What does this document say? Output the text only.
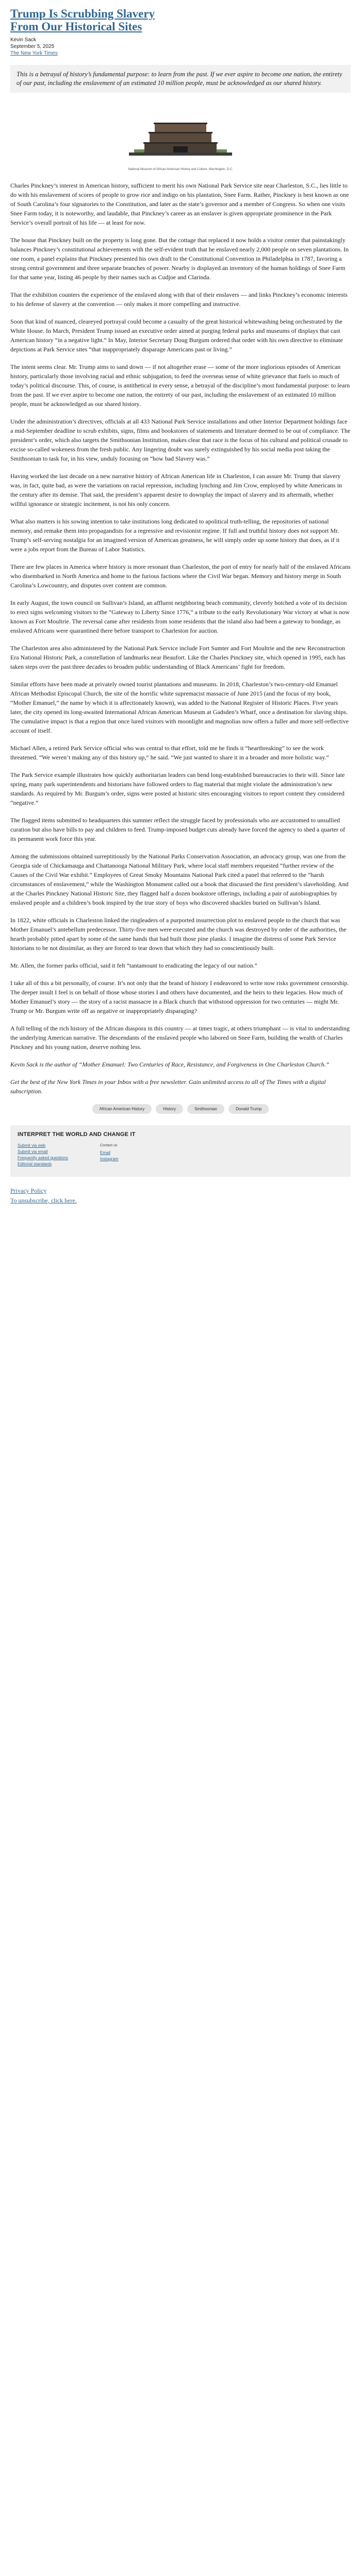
Trump Is Scrubbing Slavery From Our Historical Sites
Kevin Sack
September 5, 2025
The New York Times
This is a betrayal of history’s fundamental purpose: to learn from the past. If we ever aspire to become one nation, the entirety of our past, including the enslavement of an estimated 10 million people, must be acknowledged as our shared history.
National Museum of African American History and Culture, Washington, D.C.

Charles Pinckney’s interest in American history, sufficient to merit his own National Park Service site near Charleston, S.C., lies little to do with his enslavement of scores of people to grow rice and indigo on his plantation, Snee Farm. Rather, Pinckney is best known as one of South Carolina’s four signatories to the Constitution, and later as the state’s governor and a member of Congress. So when one visits Snee Farm today, it is noteworthy, and laudable, that Pinckney’s career as an enslaver is given appropriate prominence in the Park Service’s overall portrait of his life — at least for now.

The house that Pinckney built on the property is long gone. But the cottage that replaced it now holds a visitor center that painstakingly balances Pinckney’s constitutional achievements with the self-evident truth that he enslaved nearly 2,000 people on seven plantations. In one room, a panel explains that Pinckney presented his own draft to the Constitutional Convention in Philadelphia in 1787, favoring a strong central government and three separate branches of power. Nearby is displayed an inventory of the human holdings of Snee Farm for that same year, listing 46 people by their names such as Cudjoe and Clarinda.

That the exhibition counters the experience of the enslaved along with that of their enslavers — and links Pinckney’s economic interests to his defense of slavery at the convention — only makes it more compelling and instructive.

Soon that kind of nuanced, cleareyed portrayal could become a casualty of the great historical whitewashing being orchestrated by the White House. In March, President Trump issued an executive order aimed at purging federal parks and museums of displays that cast American history “in a negative light.” In May, Interior Secretary Doug Burgum ordered that order with his own directive to eliminate depictions at Park Service sites “that inappropriately disparage Americans past or living.”

The intent seems clear. Mr. Trump aims to sand down — if not altogether erase — some of the more inglorious episodes of American history, particularly those involving racial and ethnic subjugation, to feed the overseas sense of white grievance that fuels so much of today’s political discourse. This, of course, is antithetical in every sense, a betrayal of the discipline’s most fundamental purpose: to learn from the past. If we ever aspire to become one nation, the entirety of our past, including the enslavement of an estimated 10 million people, must be acknowledged as our shared history.

Under the administration’s directives, officials at all 433 National Park Service installations and other Interior Department holdings face a mid-September deadline to scrub exhibits, signs, films and bookstores of statements and literature deemed to be out of compliance. The president’s order, which also targets the Smithsonian Institution, makes clear that race is the focus of his cultural and political crusade to excise so-called wokeness from the fresh public. Any lingering doubt was surely extinguished by his social media post taking the Smithsonian to task for, in his view, unduly focusing on “how bad Slavery was.”

Having worked the last decade on a new narrative history of African American life in Charleston, I can assure Mr. Trump that slavery was, in fact, quite bad, as were the variations on racial repression, including lynching and Jim Crow, employed by white Americans in the century after its demise. That said, the president’s apparent desire to downplay the impact of slavery and its aftermath, whether willful ignorance or strategic incitement, is not his only concern.

What also matters is his sowing intention to take institutions long dedicated to apolitical truth-telling, the repositories of national memory, and remake them into propagandists for a regressive and revisionist regime. If full and truthful history does not support Mr. Trump’s self-serving nostalgia for an imagined version of American greatness, he will simply order up some history that does, as if it were a jobs report from the Bureau of Labor Statistics.

There are few places in America where history is more resonant than Charleston, the port of entry for nearly half of the enslaved Africans who disembarked in North America and home to the furious factions where the Civil War began. Memory and history merge in South Carolina’s Lowcountry, and disputes over content are common.

In early August, the town council on Sullivan’s Island, an affluent neighboring beach community, cleverly botched a vote of its decision to erect signs welcoming visitors to the “Gateway to Liberty Since 1776,” a tribute to the early Revolutionary War victory at what is now known as Fort Moultrie. The reversal came after residents from some residents that the island also had been a gateway to bondage, as enslaved Africans were quarantined there before transport to Charleston for auction.

The Charleston area also administered by the National Park Service include Fort Sumter and Fort Moultrie and the new Reconstruction Era National Historic Park, a constellation of landmarks near Beaufort. Like the Charles Pinckney site, which opened in 1995, each has taken steps over the past three decades to broaden public understanding of Black Americans’ fight for freedom.

Similar efforts have been made at privately owned tourist plantations and museums. In 2018, Charleston’s two-century-old Emanuel African Methodist Episcopal Church, the site of the horrific white supremacist massacre of June 2015 (and the focus of my book, “Mother Emanuel,” the name by which it is affectionately known), was added to the National Register of Historic Places. Five years later, the city opened its long-awaited International African American Museum at Gadsden’s Wharf, once a destination for slaving ships. The cumulative impact is that a region that once lured visitors with moonlight and magnolias now offers a fuller and more self-reflective account of itself.

Michael Allen, a retired Park Service official who was central to that effort, told me he finds it “heartbreaking” to see the work threatened. “We weren’t making any of this history up,” he said. “We just wanted to share it in a broader and more holistic way.”

The Park Service example illustrates how quickly authoritarian leaders can bend long-established bureaucracies to their will. Since late spring, many park superintendents and historians have followed orders to flag material that might violate the administration’s new standards. As required by Mr. Burgum’s order, signs were posted at historic sites encouraging visitors to report content they considered “negative.”

The flagged items submitted to headquarters this summer reflect the struggle faced by professionals who are accustomed to unsullied curation but also have bills to pay and children to feed. Trump-imposed budget cuts already have forced the agency to shed a quarter of its permanent work force this year.

Among the submissions obtained surreptitiously by the National Parks Conservation Association, an advocacy group, was one from the Georgia side of Chickamauga and Chattanooga National Military Park, where local staff members requested “further review of the Causes of the Civil War exhibit.” Employees of Great Smoky Mountains National Park cited a panel that referred to the “harsh circumstances of enslavement,” while the Washington Monument called out a book that discussed the first president’s slaveholding. And at the Charles Pinckney National Historic Site, they flagged half a dozen bookstore offerings, including a pair of autobiographies by enslaved people and a children’s book inspired by the true story of boys who discovered shackles buried on Sullivan’s Island.

In 1822, white officials in Charleston linked the ringleaders of a purported insurrection plot to enslaved people to the church that was Mother Emanuel’s antebellum predecessor. Thirty-five men were executed and the church was destroyed by order of the authorities, the hearth probably pitted apart by some of the same hands that had built those pine planks. I imagine the distress of some Park Service historians to be not dissimilar, as they are forced to tear down that which they had so conscientiously built.

Mr. Allen, the former parks official, said it felt “tantamount to eradicating the legacy of our nation.”

I take all of this a bit personally, of course. It’s not only that the brand of history I endeavored to write now risks government censorship. The deeper insult I feel is on behalf of those whose stories I and others have documented, and the heirs to their legacies. How much of Mother Emanuel’s story — the story of a racist massacre in a Black church that withstood oppression for two centuries — might Mr. Trump or Mr. Burgum write off as negative or inappropriately disparaging?

A full telling of the rich history of the African diaspora in this country — at times tragic, at others triumphant — is vital to understanding the underlying American narrative. The descendants of the enslaved people who labored on Snee Farm, building the wealth of Charles Pinckney and his young nation, deserve nothing less.

Kevin Sack is the author of “Mother Emanuel: Two Centuries of Race, Resistance, and Forgiveness in One Charleston Church.”

Get the best of the New York Times in your Inbox with a free newsletter. Gain unlimited access to all of The Times with a digital subscription.

African American History	History	Smithsonian	Donald Trump
INTERPRET THE WORLD AND CHANGE IT
Submit via web
Submit via email
Frequently asked questions
Editorial standards
Contact us
Email
Instagram
Privacy Policy
To unsubscribe, click here.
